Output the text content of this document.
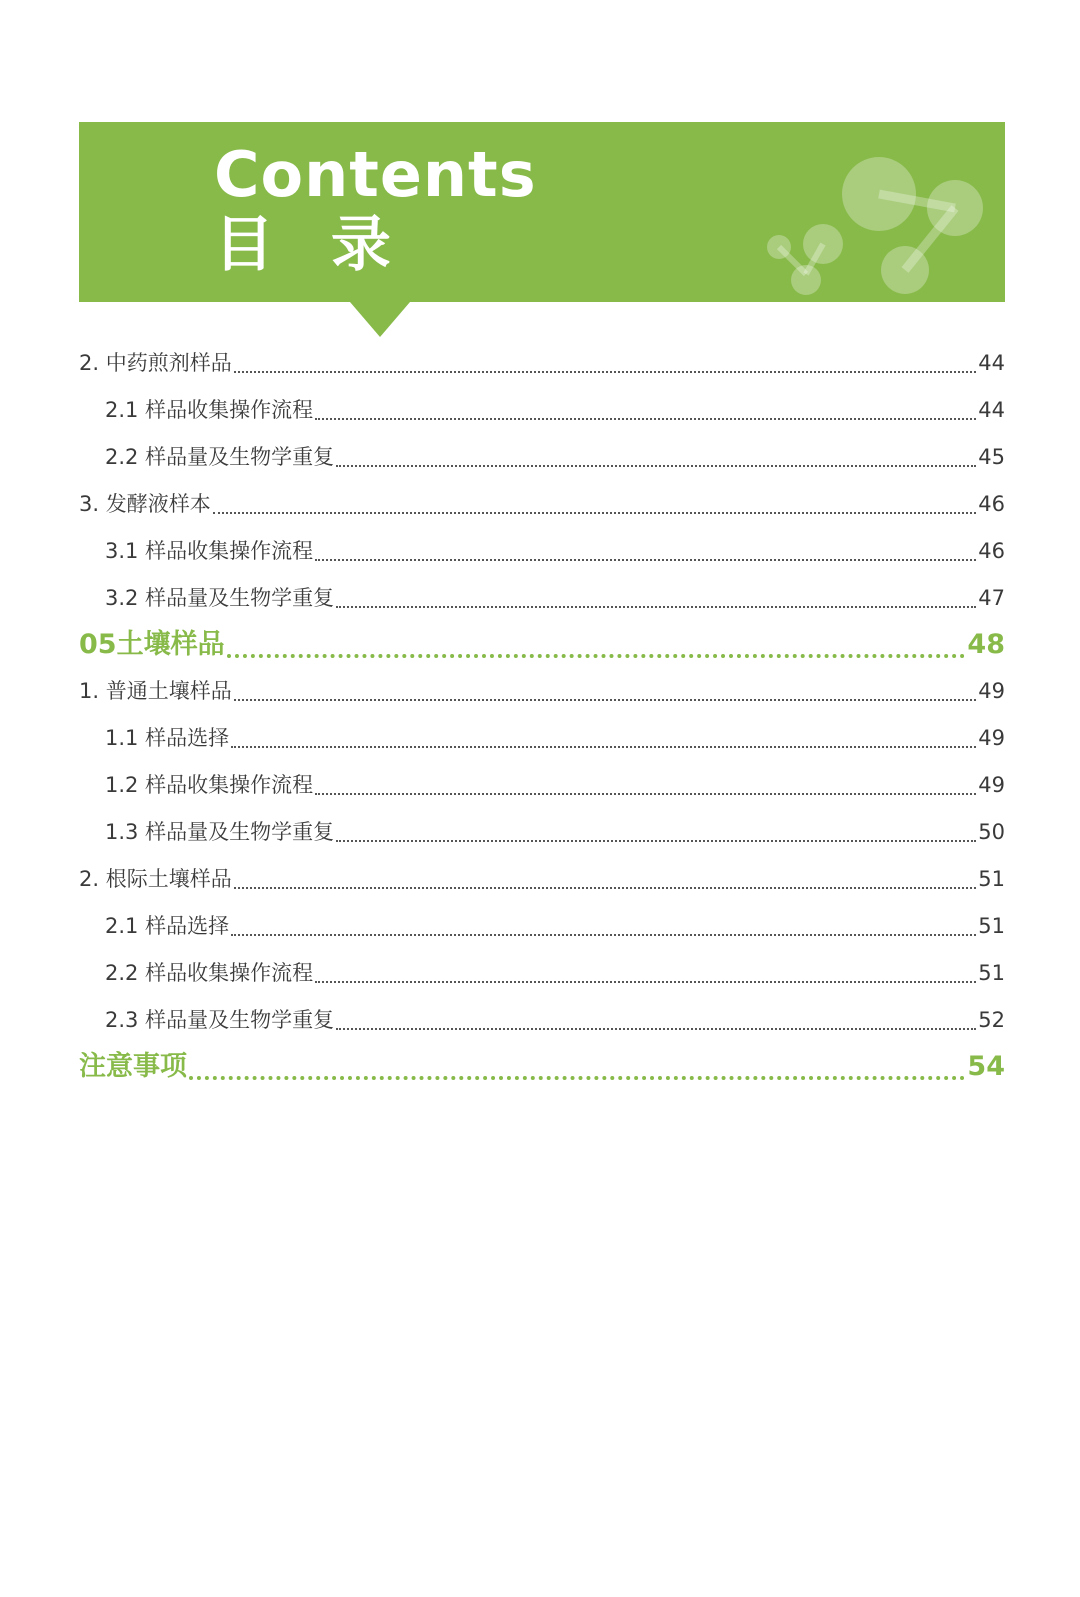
Contents
目 录
2. 中药煎剂样品	44
2.1 样品收集操作流程	44
2.2 样品量及生物学重复	45
3. 发酵液样本	46
3.1 样品收集操作流程	46
3.2 样品量及生物学重复	47
05土壤样品	48
1. 普通土壤样品	49
1.1 样品选择	49
1.2 样品收集操作流程	49
1.3 样品量及生物学重复	50
2. 根际土壤样品	51
2.1 样品选择	51
2.2 样品收集操作流程	51
2.3 样品量及生物学重复	52
注意事项	54
